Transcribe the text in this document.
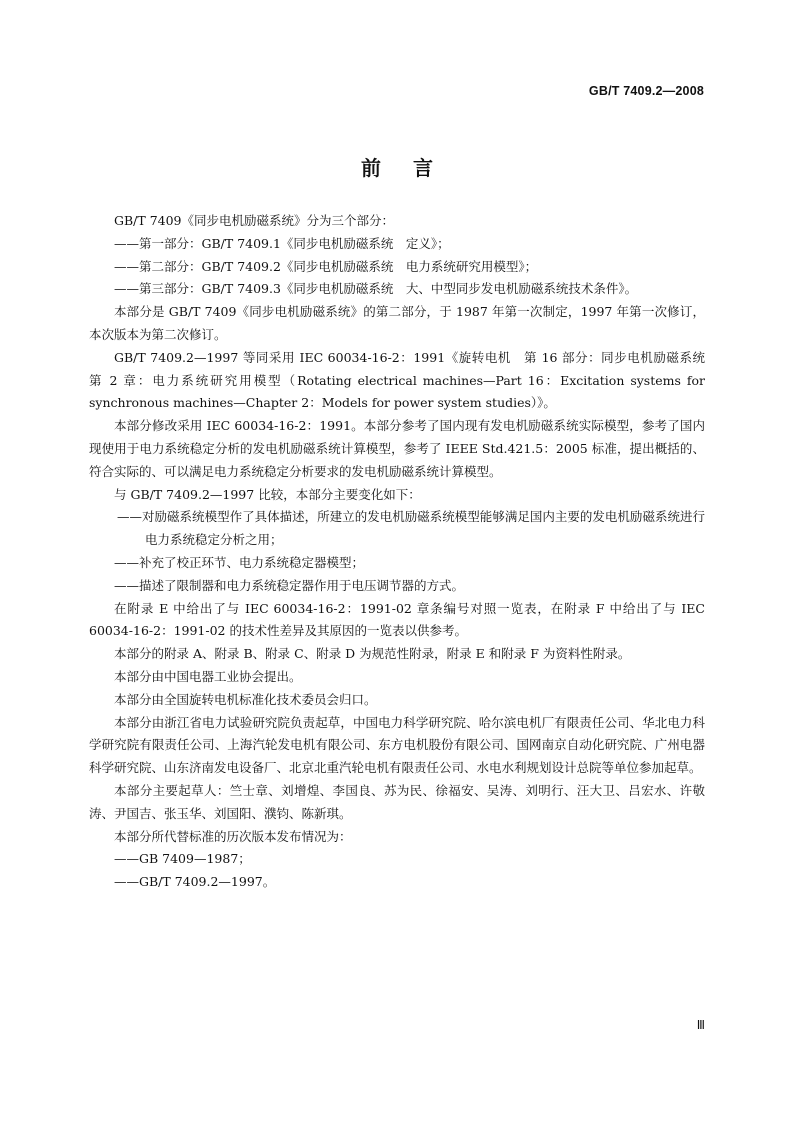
GB/T 7409.2—2008
前言

GB/T 7409《同步电机励磁系统》分为三个部分：

——第一部分：GB/T 7409.1《同步电机励磁系统　定义》；

——第二部分：GB/T 7409.2《同步电机励磁系统　电力系统研究用模型》；

——第三部分：GB/T 7409.3《同步电机励磁系统　大、中型同步发电机励磁系统技术条件》。

本部分是 GB/T 7409《同步电机励磁系统》的第二部分，于 1987 年第一次制定，1997 年第一次修订，本次版本为第二次修订。

GB/T 7409.2—1997 等同采用 IEC 60034-16-2：1991《旋转电机　第 16 部分：同步电机励磁系统　第 2 章：电力系统研究用模型（Rotating electrical machines—Part 16：Excitation systems for synchronous machines—Chapter 2：Models for power system studies）》。

本部分修改采用 IEC 60034-16-2：1991。本部分参考了国内现有发电机励磁系统实际模型，参考了国内现使用于电力系统稳定分析的发电机励磁系统计算模型，参考了 IEEE Std.421.5：2005 标准，提出概括的、符合实际的、可以满足电力系统稳定分析要求的发电机励磁系统计算模型。

与 GB/T 7409.2—1997 比较，本部分主要变化如下：

——对励磁系统模型作了具体描述，所建立的发电机励磁系统模型能够满足国内主要的发电机励磁系统进行电力系统稳定分析之用；

——补充了校正环节、电力系统稳定器模型；

——描述了限制器和电力系统稳定器作用于电压调节器的方式。

在附录 E 中给出了与 IEC 60034-16-2：1991-02 章条编号对照一览表，在附录 F 中给出了与 IEC 60034-16-2：1991-02 的技术性差异及其原因的一览表以供参考。

本部分的附录 A、附录 B、附录 C、附录 D 为规范性附录，附录 E 和附录 F 为资料性附录。

本部分由中国电器工业协会提出。

本部分由全国旋转电机标准化技术委员会归口。

本部分由浙江省电力试验研究院负责起草，中国电力科学研究院、哈尔滨电机厂有限责任公司、华北电力科学研究院有限责任公司、上海汽轮发电机有限公司、东方电机股份有限公司、国网南京自动化研究院、广州电器科学研究院、山东济南发电设备厂、北京北重汽轮电机有限责任公司、水电水利规划设计总院等单位参加起草。

本部分主要起草人：竺士章、刘增煌、李国良、苏为民、徐福安、吴涛、刘明行、汪大卫、吕宏水、许敬涛、尹国吉、张玉华、刘国阳、濮钧、陈新琪。

本部分所代替标准的历次版本发布情况为：

——GB 7409—1987；

——GB/T 7409.2—1997。

Ⅲ
